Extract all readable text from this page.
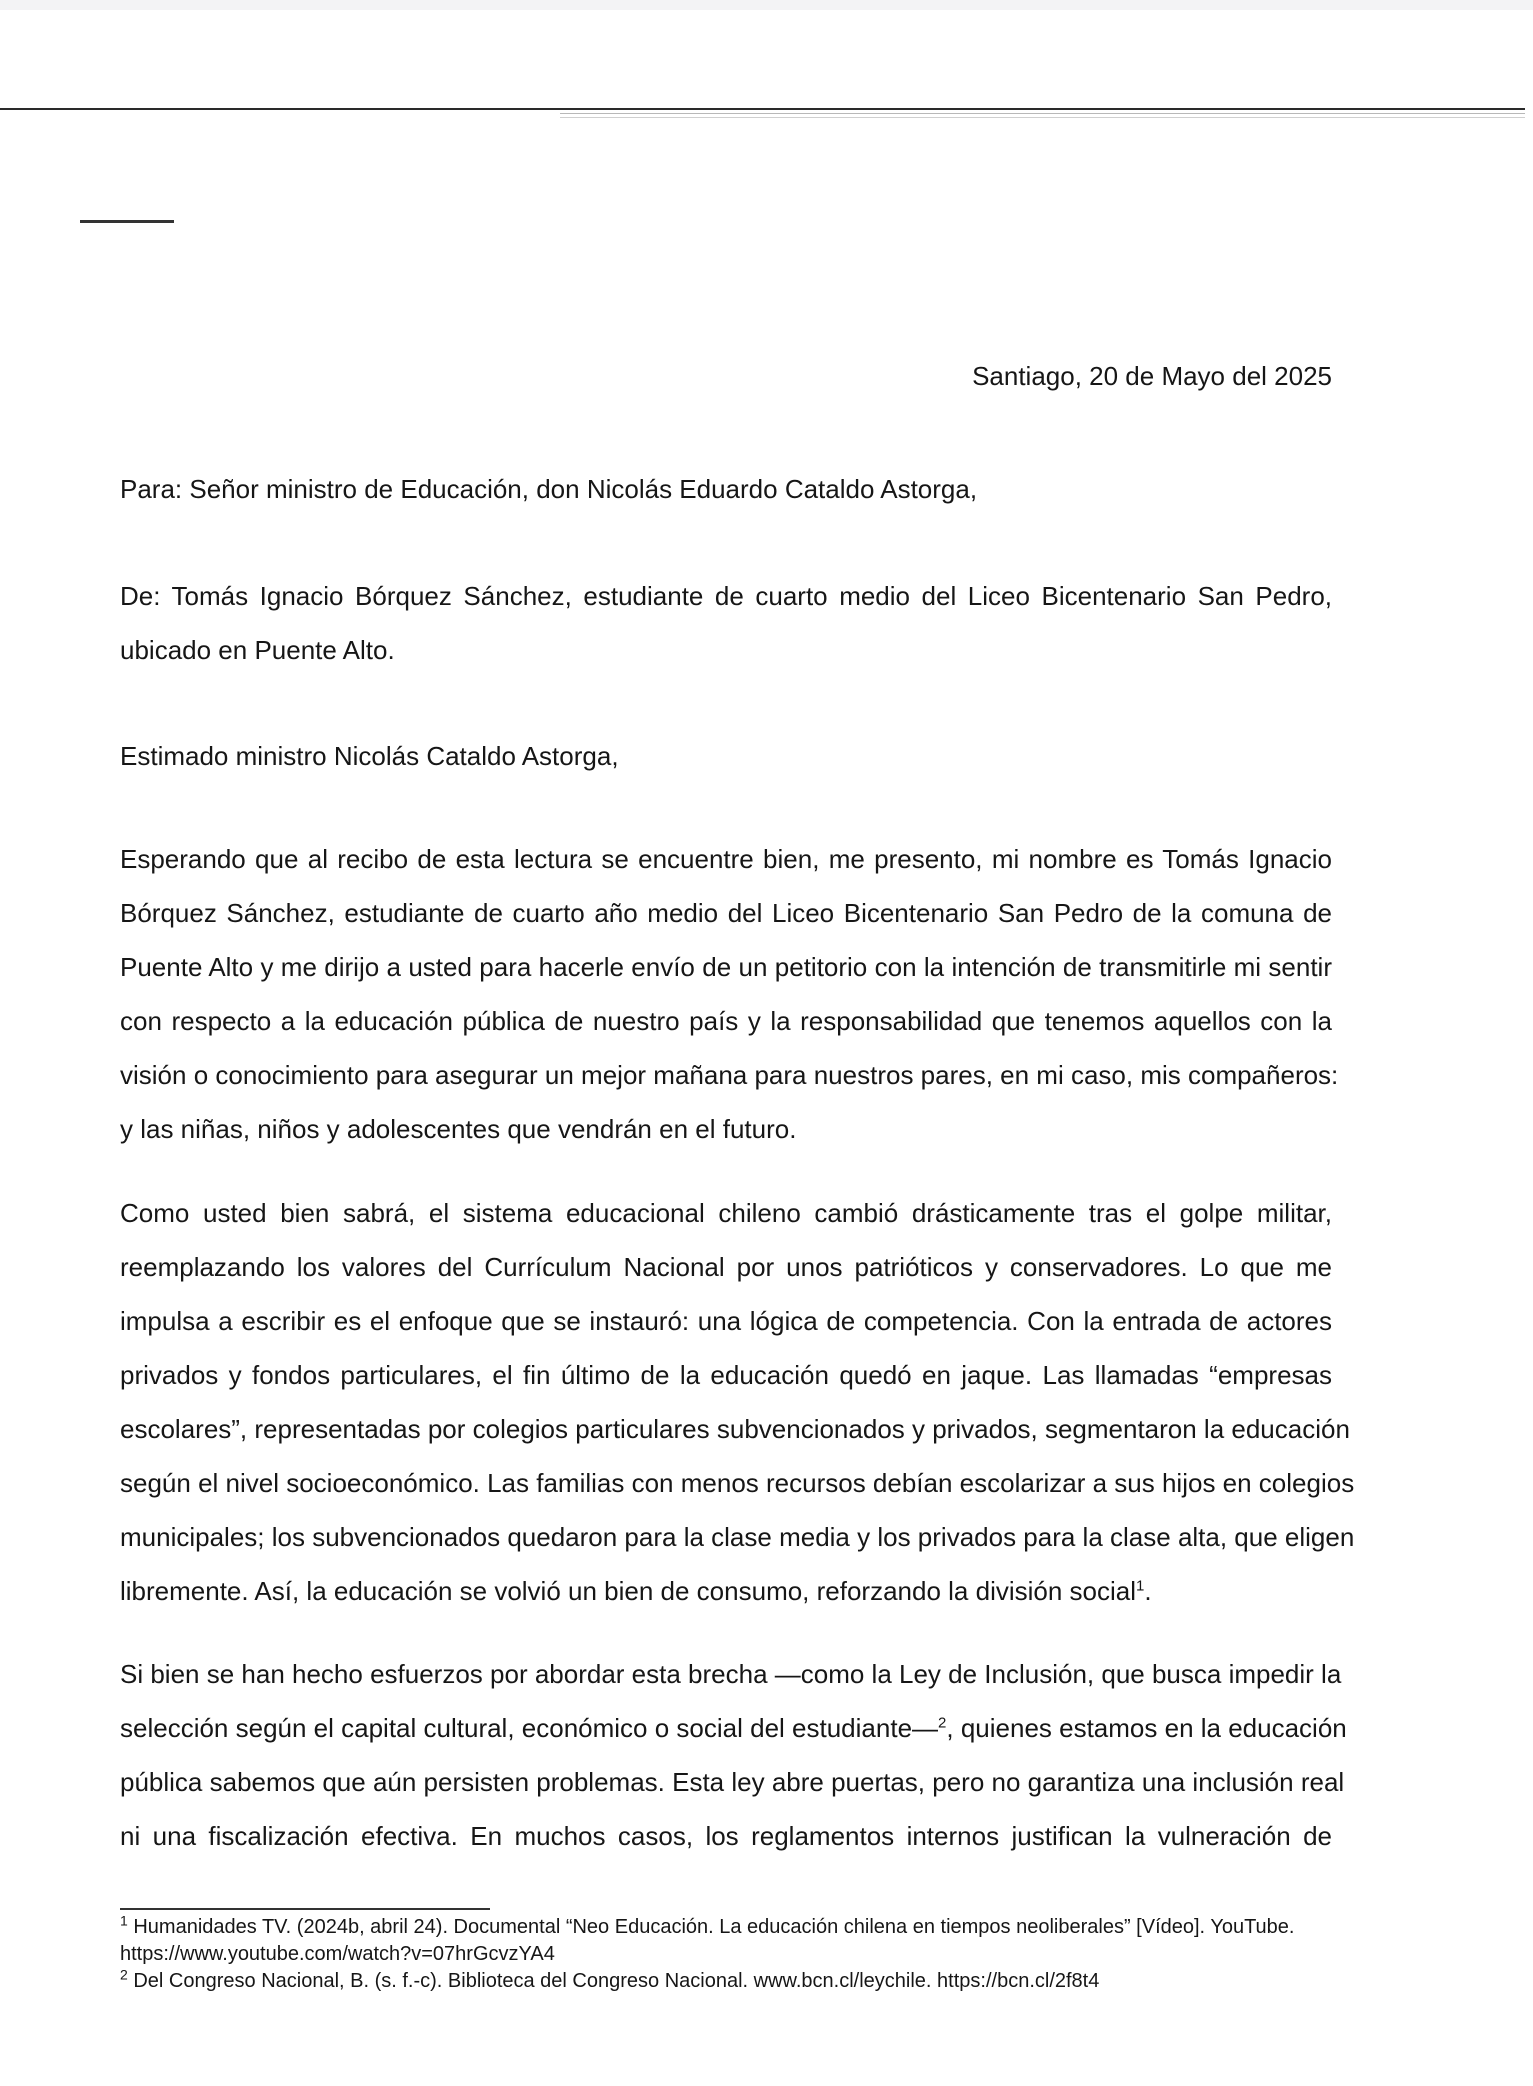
Santiago, 20 de Mayo del 2025
Para: Señor ministro de Educación, don Nicolás Eduardo Cataldo Astorga,
De: Tomás Ignacio Bórquez Sánchez, estudiante de cuarto medio del Liceo Bicentenario San Pedro,
ubicado en Puente Alto.
Estimado ministro Nicolás Cataldo Astorga,
Esperando que al recibo de esta lectura se encuentre bien, me presento, mi nombre es Tomás Ignacio
Bórquez Sánchez, estudiante de cuarto año medio del Liceo Bicentenario San Pedro de la comuna de
Puente Alto y me dirijo a usted para hacerle envío de un petitorio con la intención de transmitirle mi sentir
con respecto a la educación pública de nuestro país y la responsabilidad que tenemos aquellos con la
visión o conocimiento para asegurar un mejor mañana para nuestros pares, en mi caso, mis compañeros:
y las niñas, niños y adolescentes que vendrán en el futuro.
Como usted bien sabrá, el sistema educacional chileno cambió drásticamente tras el golpe militar,
reemplazando los valores del Currículum Nacional por unos patrióticos y conservadores. Lo que me
impulsa a escribir es el enfoque que se instauró: una lógica de competencia. Con la entrada de actores
privados y fondos particulares, el fin último de la educación quedó en jaque. Las llamadas “empresas
escolares”, representadas por colegios particulares subvencionados y privados, segmentaron la educación
según el nivel socioeconómico. Las familias con menos recursos debían escolarizar a sus hijos en colegios
municipales; los subvencionados quedaron para la clase media y los privados para la clase alta, que eligen
libremente. Así, la educación se volvió un bien de consumo, reforzando la división social$^1$.
Si bien se han hecho esfuerzos por abordar esta brecha —como la Ley de Inclusión, que busca impedir la
selección según el capital cultural, económico o social del estudiante—$^2$, quienes estamos en la educación
pública sabemos que aún persisten problemas. Esta ley abre puertas, pero no garantiza una inclusión real
ni una fiscalización efectiva. En muchos casos, los reglamentos internos justifican la vulneración de
$^1$ Humanidades TV. (2024b, abril 24). Documental “Neo Educación. La educación chilena en tiempos neoliberales” [Vídeo]. YouTube.
https://www.youtube.com/watch?v=07hrGcvzYA4
$^2$ Del Congreso Nacional, B. (s. f.-c). Biblioteca del Congreso Nacional. www.bcn.cl/leychile. https://bcn.cl/2f8t4
